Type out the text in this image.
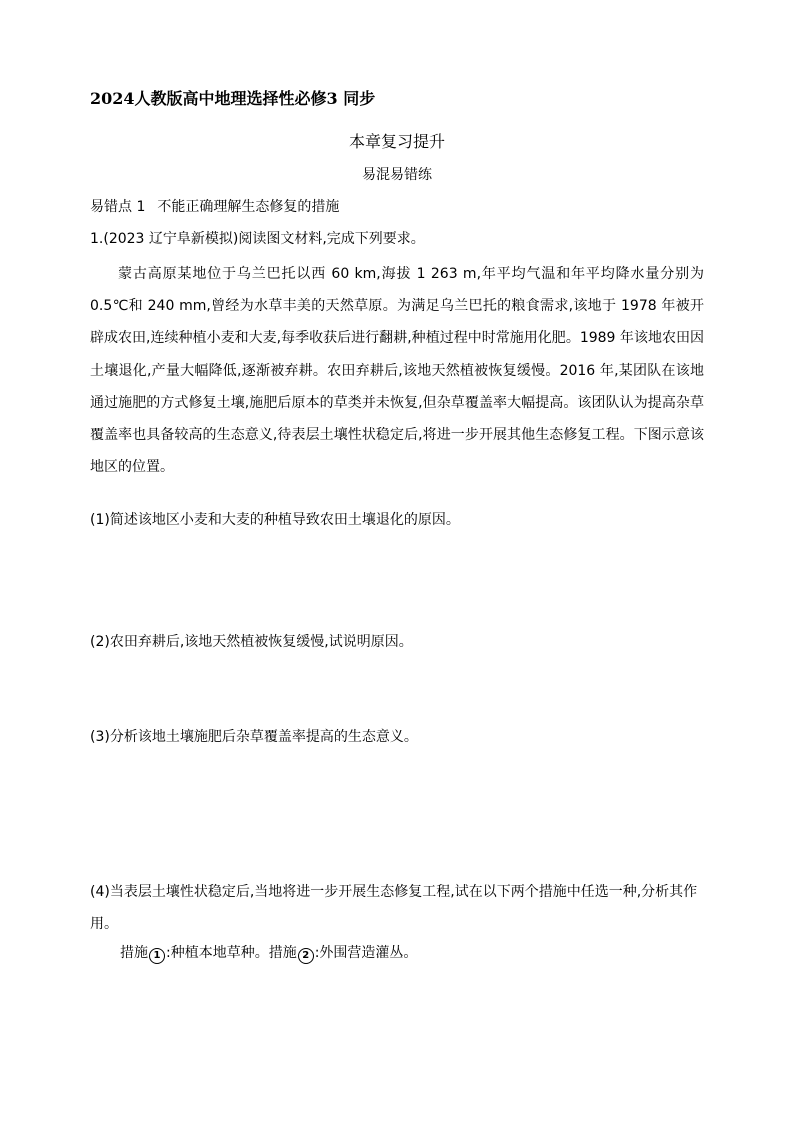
2024人教版高中地理选择性必修3 同步
本章复习提升
易混易错练
易错点 1 不能正确理解生态修复的措施
1.(2023 辽宁阜新模拟)阅读图文材料,完成下列要求。

蒙古高原某地位于乌兰巴托以西 60 km,海拔 1 263 m,年平均气温和年平均降水量分别为 0.5℃和 240 mm,曾经为水草丰美的天然草原。为满足乌兰巴托的粮食需求,该地于 1978 年被开辟成农田,连续种植小麦和大麦,每季收获后进行翻耕,种植过程中时常施用化肥。1989 年该地农田因土壤退化,产量大幅降低,逐渐被弃耕。农田弃耕后,该地天然植被恢复缓慢。2016 年,某团队在该地通过施肥的方式修复土壤,施肥后原本的草类并未恢复,但杂草覆盖率大幅提高。该团队认为提高杂草覆盖率也具备较高的生态意义,待表层土壤性状稳定后,将进一步开展其他生态修复工程。下图示意该地区的位置。

(1)简述该地区小麦和大麦的种植导致农田土壤退化的原因。
(2)农田弃耕后,该地天然植被恢复缓慢,试说明原因。
(3)分析该地土壤施肥后杂草覆盖率提高的生态意义。
(4)当表层土壤性状稳定后,当地将进一步开展生态修复工程,试在以下两个措施中任选一种,分析其作用。
措施 1 :种植本地草种。措施 2 :外围营造灌丛。
